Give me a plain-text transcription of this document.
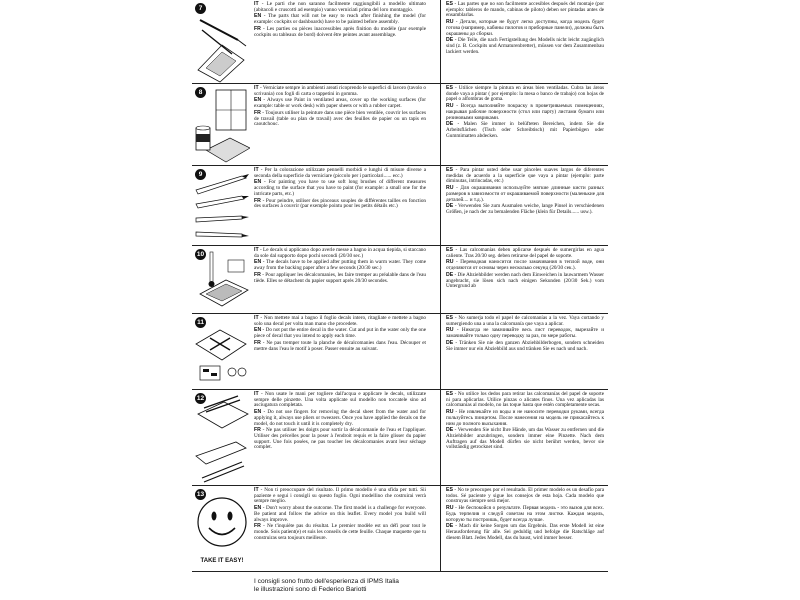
7

IT - Le parti che non saranno facilmente raggiungibili a modello ultimato (abitacoli e cruscotti ad esempio) vanno verniciati prima del loro montaggio.

EN - The parts that will not be easy to reach after finishing the model (for example: cockpits or dashboards) have to be painted before assembly.

FR - Les parties ou pièces inaccessibles après finition du modèle (par exemple cockpits ou tableaux de bord) doivent être peintes avant assemblage.

ES - Las partes que no son facilmente accesibles después del montaje (por ejemplo: tableros de mando, cabinas de piloto) deben ser pintadas antes de ensamblarlas.

RU - Детали, которые не будут легко доступны, когда модель будет готова (например, кабины пилотов и приборные панели), должны быть окрашены до сборки.

DE - Die Teile, die nach Fertigstellung des Modells nicht leicht zugänglich sind (z. B. Cockpits und Armaturenbretter), müssen vor dem Zusammenbau lackiert werden.

8

IT - Verniciate sempre in ambienti areati ricoprendo le superfici di lavoro (tavolo o scrivania) con fogli di carta o tappetini in gomma.

EN - Always use Paint in ventilated areas, cover up the working surfaces (for example: table or work desk) with paper sheets or with a rubber carpet.

FR - Toujours utiliser la peinture dans une pièce bien ventilée, couvrir les surfaces de travail (table ou plan de travail) avec des feuilles de papier ou un tapis en caoutchouc.

ES - Utilice siempre la pintura en áreas bien ventiladas. Cubra las áreas donde vaya a pintar ( por ejemplo: la mesa o banco de trabajo) con hojas de papel o alfombras de goma.

RU - Всегда выполняйте покраску в проветриваемых помещениях, накрывая рабочие поверхности (стол или парту) листами бумаги или резиновыми ковриками.

DE - Malen Sie immer in belüfteten Bereichen, indem Sie die Arbeitsflächen (Tisch oder Schreibtisch) mit Papierbögen oder Gummimatten abdecken.

9

IT - Per la colorazione utilizzate pennelli morbidi e lunghi di misure diverse a seconda della superficie da verniciare (piccolo per i particolari...... ecc.)

EN - For painting you have to use soft long brushes of different measures according to the surface that you have to paint (for example: a small one for the intricate parts, etc.)

FR - Pour peindre, utiliser des pinceaux souples de différentes tailles en fonction des surfaces à couvrir (par exemple pointu pour les petits détails etc.)

ES - Para pintar usted debe usar pinceles suaves largos de diferentes medidas de acuerdo a la superficie que vaya a pintar (ejemplo: parte diminutas, intrincadas, etc.)

RU - Для окрашивания используйте мягкие длинные кисти разных размеров в зависимости от окрашиваемой поверхности (маленькие для деталей.... и т.д.).

DE - Verwenden Sie zum Ausmalen weiche, lange Pinsel in verschiedenen Größen, je nach der zu bemalenden Fläche (klein für Details...... usw.).

10

IT - Le decals si applicano dopo averle messe a bagno in acqua tiepida, si staccano da sole dal supporto dopo pochi secondi (20/30 sec.)

EN - The decals have to be applied after putting them in warm water. They come away from the backing paper after a few seconds (20/30 sec.)

FR - Pour appliquer les décalcomanies, les faire tremper au préalable dans de l'eau tiède. Elles se détachent du papier support après 20/30 secondes.

ES - Las calcomanías deben aplicarse después de sumergirlas en agua caliente. Tras 20/30 seg. deben retirarse del papel de soporte.

RU - Переводная наносится после замачивания в теплой воде, они отделяются от основы через несколько секунд (20/30 сек.).

DE - Die Abziehbilder werden nach dem Einweichen in lauwarmem Wasser angebracht, sie lösen sich nach einigen Sekunden (20/30 Sek.) vom Untergrund ab

11

IT - Non mettete mai a bagno il foglio decals intero, ritagliate e mettete a bagno solo una decal per volta man mano che procedete.

EN - Do not put the entire decal in the water. Cut and put in the water only the one piece of decal that you intend to apply each time.

FR - Ne pas tremper toute la planche de décalcomanies dans l'eau. Découper et mettre dans l'eau le motif à poser. Passer ensuite au suivant.

ES - No sumerja todo el papel de calcomanías a la vez. Vaya cortando y sumergiendo una a una la calcomanía que vaya a aplicar.

RU - Никогда не замачивайте весь лист переводок, вырезайте и замачивайте только одну переводку за раз, по мере работы.

DE - Tränken Sie nie den ganzen Abziehbilderbogen, sondern schneiden Sie immer nur ein Abziehbild aus und tränken Sie es nach und nach.

12

IT - Non usate le mani per togliere dall'acqua e applicare le decals, utilizzate sempre delle pinzette. Una volta applicate sul modello non toccatele sino ad asciugatura completata.

EN - Do not use fingers for removing the decal sheet from the water and for applying it, always use pliers or tweezers. Once you have applied the decals on the model, do not touch it until it is completely dry.

FR - Ne pas utiliser les doigts pour sortir la décalcomanie de l'eau et l'appliquer. Utiliser des précelles pour la poser à l'endroit requis et la faire glisser du papier support. Une fois posées, ne pas toucher les décalcomanies avant leur séchage complet.

ES - No utilice los dedos para retirar las calcomanías del papel de soporte ni para aplicarlas. Utilice pinzas o alicates finos. Una vez aplicadas las calcomanías al modelo, no las toque hasta que estén completamente secas.

RU - Не извлекайте из воды и не наносите переводки руками, всегда пользуйтесь пинцетом. После нанесения на модель не прикасайтесь к ним до полного высыхания.

DE - Verwenden Sie nicht Ihre Hände, um das Wasser zu entfernen und die Abziehbilder anzubringen, sondern immer eine Pinzette. Nach dem Auftragen auf das Modell dürfen sie nicht berührt werden, bevor sie vollständig getrocknet sind.

13
TAKE IT EASY!

IT - Non ti preoccupare del risultato. Il primo modello è una sfida per tutti. Sii paziente e segui i consigli su questo foglio. Ogni modellino che costruirai verrà sempre meglio.

EN - Don't worry about the outcome. The first model is a challenge for everyone. Be patient and follow the advice on this leaflet. Every model you build will always improve.

FR - Ne t'inquiète pas du résultat. Le premier modèle est un défi pour tout le monde. Sois patient(e) et suis les conseils de cette feuille. Chaque maquette que tu construiras sera toujours meilleure.

ES - No te preocupes por el resultado. El primer modelo es un desafío para todos. Sé paciente y sigue los consejos de esta hoja. Cada modelo que construyas siempre será mejor.

RU - Не беспокойся о результате. Первая модель - это вызов для всех. Будь терпелив и следуй советам на этом листке. Каждая модель, которую ты построишь, будет всегда лучше.

DE - Mach dir keine Sorgen um das Ergebnis. Das erste Modell ist eine Herausforderung für alle. Sei geduldig und befolge die Ratschläge auf diesem Blatt. Jedes Modell, das du baust, wird immer besser.

I consigli sono frutto dell'esperienza di IPMS Italia
le illustrazioni sono di Federico Bariotti
